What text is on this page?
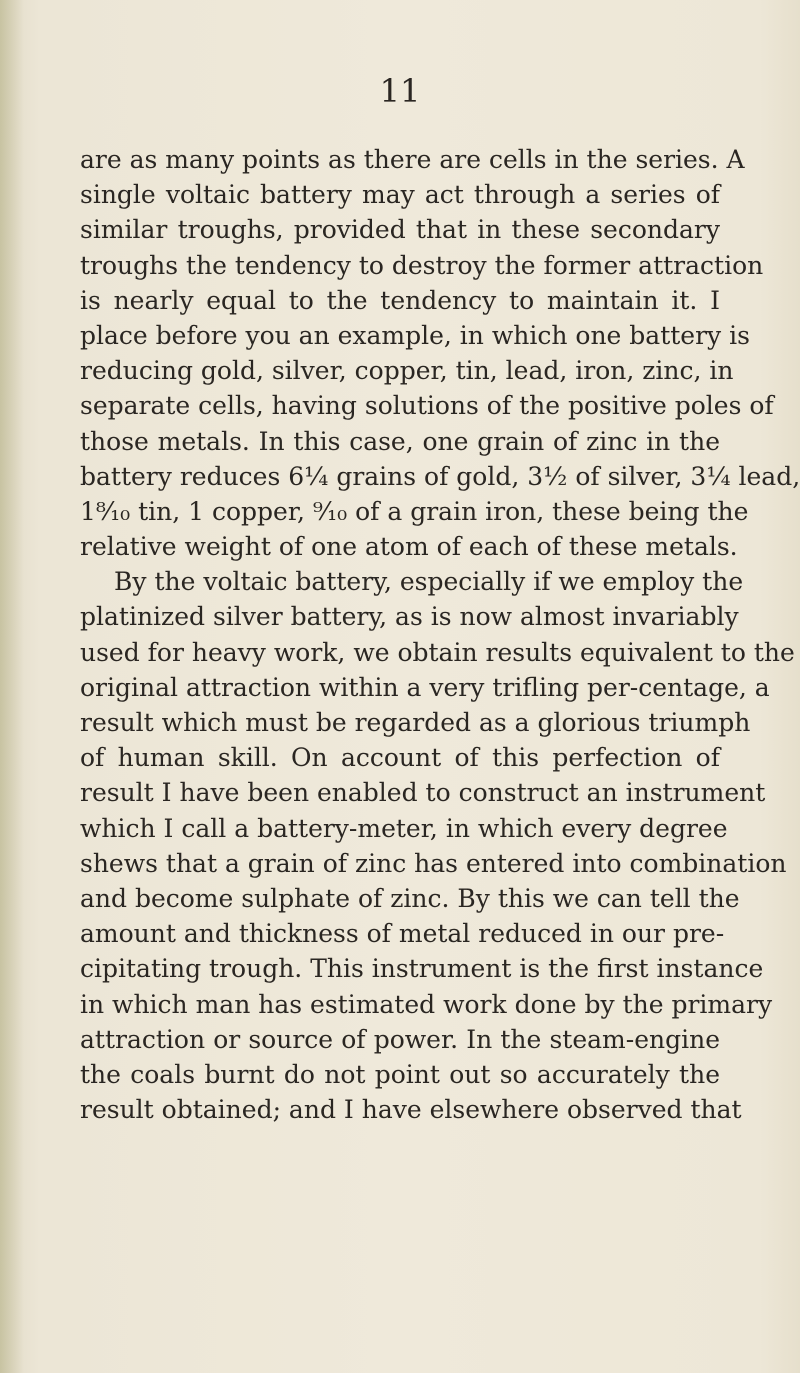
11
are as many points as there are cells in the series. A
single voltaic battery may act through a series of
similar troughs, provided that in these secondary
troughs the tendency to destroy the former attraction
is nearly equal to the tendency to maintain it. I
place before you an example, in which one battery is
reducing gold, silver, copper, tin, lead, iron, zinc, in
separate cells, having solutions of the positive poles of
those metals. In this case, one grain of zinc in the
battery reduces 6¼ grains of gold, 3½ of silver, 3¼ lead,
1⁸⁄₁₀ tin, 1 copper, ⁹⁄₁₀ of a grain iron, these being the
relative weight of one atom of each of these metals.
By the voltaic battery, especially if we employ the
platinized silver battery, as is now almost invariably
used for heavy work, we obtain results equivalent to the
original attraction within a very trifling per-centage, a
result which must be regarded as a glorious triumph
of human skill. On account of this perfection of
result I have been enabled to construct an instrument
which I call a battery-meter, in which every degree
shews that a grain of zinc has entered into combination
and become sulphate of zinc. By this we can tell the
amount and thickness of metal reduced in our pre-
cipitating trough. This instrument is the first instance
in which man has estimated work done by the primary
attraction or source of power. In the steam-engine
the coals burnt do not point out so accurately the
result obtained; and I have elsewhere observed that
